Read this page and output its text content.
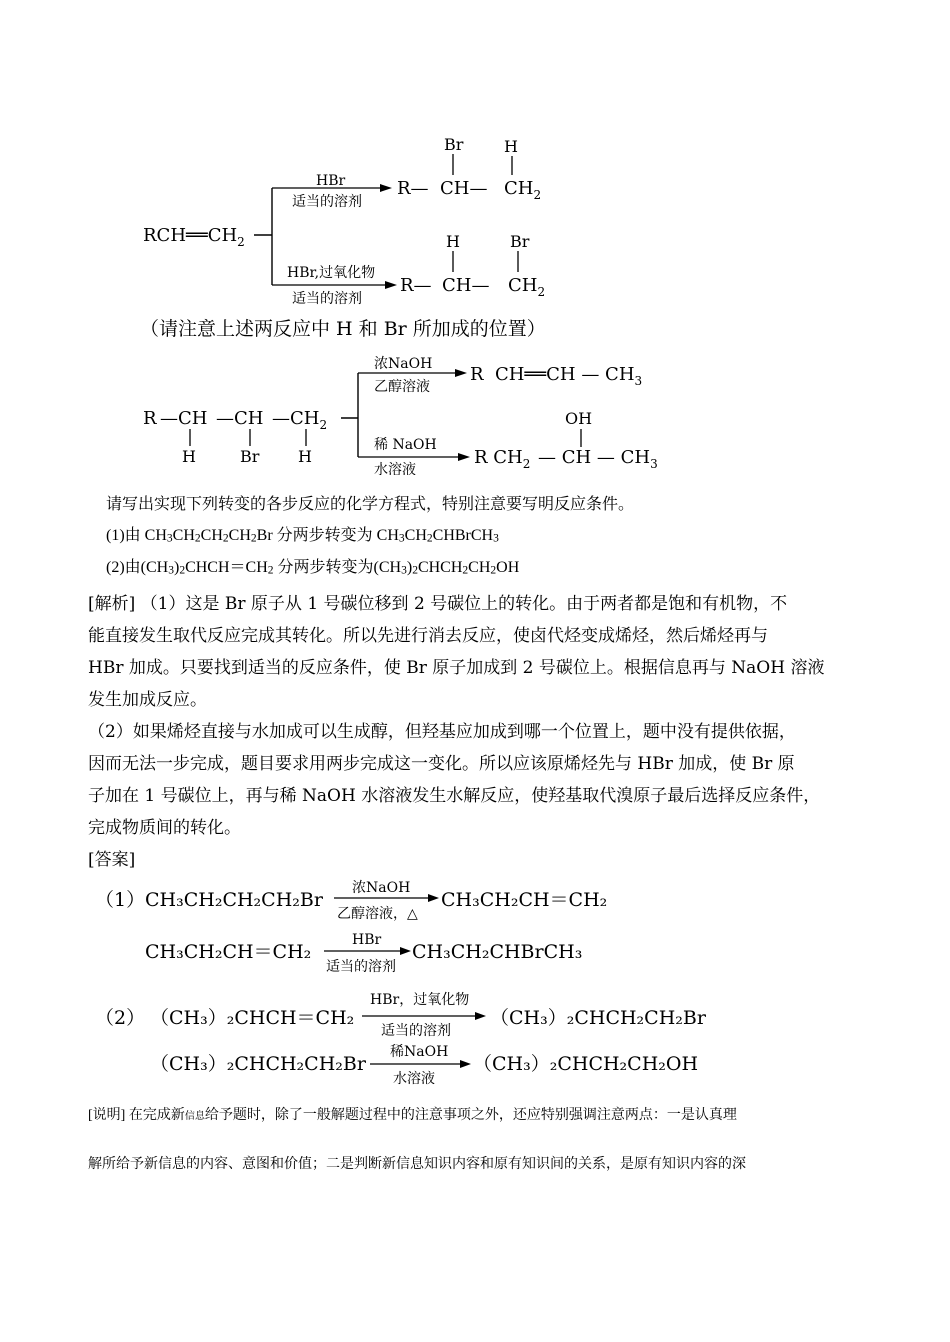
$RCH══CH_2$
HBr
适当的溶剂
Br	H
R— CH— $CH_2$
HBr,过氧化物
适当的溶剂
H	Br
R— CH— $CH_2$
（请注意上述两反应中 H 和 Br 所加成的位置）
R —CH —CH $—CH_2$
H	Br H
浓NaOH
乙醇溶液
R  CH══CH — $CH_3$
稀 NaOH
水溶液
OH
R $CH_2$ — CH — $CH_3$
请写出实现下列转变的各步反应的化学方程式，特别注意要写明反应条件。
(1)由 $CH_3CH_2CH_2CH_2Br$ 分两步转变为 $CH_3CH_2CHBrCH_3$
(2)由$(CH_3)_2CHCH=CH_2$ 分两步转变为$(CH_3)_2CHCH_2CH_2OH$
[解析] （1）这是 Br 原子从 1 号碳位移到 2 号碳位上的转化。由于两者都是饱和有机物，不
能直接发生取代反应完成其转化。所以先进行消去反应，使卤代烃变成烯烃，然后烯烃再与
HBr 加成。只要找到适当的反应条件，使 Br 原子加成到 2 号碳位上。根据信息再与 NaOH 溶液
发生加成反应。
（2）如果烯烃直接与水加成可以生成醇，但羟基应加成到哪一个位置上，题中没有提供依据，
因而无法一步完成，题目要求用两步完成这一变化。所以应该原烯烃先与 HBr 加成，使 Br 原
子加在 1 号碳位上，再与稀 NaOH 水溶液发生水解反应，使羟基取代溴原子最后选择反应条件，
完成物质间的转化。
[答案]
（1） CH₃CH₂CH₂CH₂Br
浓NaOH
乙醇溶液，△
CH₃CH₂CH＝CH₂
CH₃CH₂CH＝CH₂
HBr
适当的溶剂
CH₃CH₂CHBrCH₃
（2） （CH₃）₂CHCH＝CH₂
HBr，过氧化物
适当的溶剂
（CH₃）₂CHCH₂CH₂Br
（CH₃）₂CHCH₂CH₂Br
稀NaOH
水溶液
（CH₃）₂CHCH₂CH₂OH
[说明] 在完成新信息给予题时，除了一般解题过程中的注意事项之外，还应特别强调注意两点：一是认真理
解所给予新信息的内容、意图和价值；二是判断新信息知识内容和原有知识间的关系，是原有知识内容的深
